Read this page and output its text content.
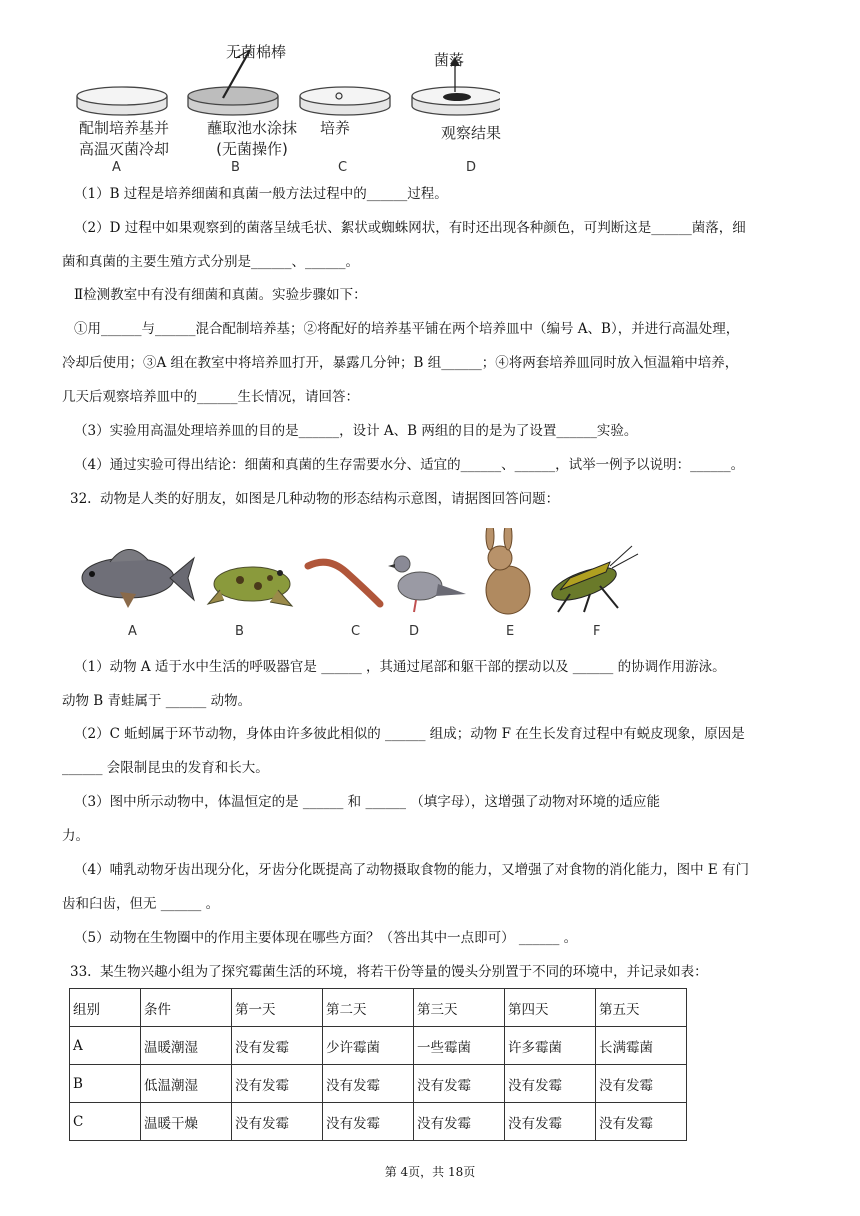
无菌棉棒	菌落
配制培养基并
高温灭菌冷却
蘸取池水涂抹
(无菌操作)
培养	观察结果
A	B	C	D
（1）B 过程是培养细菌和真菌一般方法过程中的______过程。
（2）D 过程中如果观察到的菌落呈绒毛状、絮状或蜘蛛网状，有时还出现各种颜色，可判断这是______菌落，细
菌和真菌的主要生殖方式分别是______、______。
Ⅱ检测教室中有没有细菌和真菌。实验步骤如下：
①用______与______混合配制培养基；②将配好的培养基平铺在两个培养皿中（编号 A、B），并进行高温处理，
冷却后使用；③A 组在教室中将培养皿打开，暴露几分钟；B 组______；④将两套培养皿同时放入恒温箱中培养，
几天后观察培养皿中的______生长情况，请回答：
（3）实验用高温处理培养皿的目的是______，设计 A、B 两组的目的是为了设置______实验。
（4）通过实验可得出结论：细菌和真菌的生存需要水分、适宜的______、______，试举一例予以说明：______。
32. 动物是人类的好朋友，如图是几种动物的形态结构示意图，请据图回答问题：
A	B	C	D	E	F
（1）动物 A 适于水中生活的呼吸器官是 ______ ，其通过尾部和躯干部的摆动以及 ______ 的协调作用游泳。
动物 B 青蛙属于 ______ 动物。
（2）C 蚯蚓属于环节动物，身体由许多彼此相似的 ______ 组成；动物 F 在生长发育过程中有蜕皮现象，原因是
______ 会限制昆虫的发育和长大。
（3）图中所示动物中，体温恒定的是 ______ 和 ______ （填字母），这增强了动物对环境的适应能
力。
（4）哺乳动物牙齿出现分化，牙齿分化既提高了动物摄取食物的能力，又增强了对食物的消化能力，图中 E 有门
齿和臼齿，但无 ______ 。
（5）动物在生物圈中的作用主要体现在哪些方面？（答出其中一点即可） ______ 。
33. 某生物兴趣小组为了探究霉菌生活的环境，将若干份等量的馒头分别置于不同的环境中，并记录如表：
组别	条件	第一天	第二天	第三天	第四天	第五天
A	温暖潮湿	没有发霉	少许霉菌	一些霉菌	许多霉菌	长满霉菌
B	低温潮湿	没有发霉	没有发霉	没有发霉	没有发霉	没有发霉
C	温暖干燥	没有发霉	没有发霉	没有发霉	没有发霉	没有发霉
第 4页，共 18页
